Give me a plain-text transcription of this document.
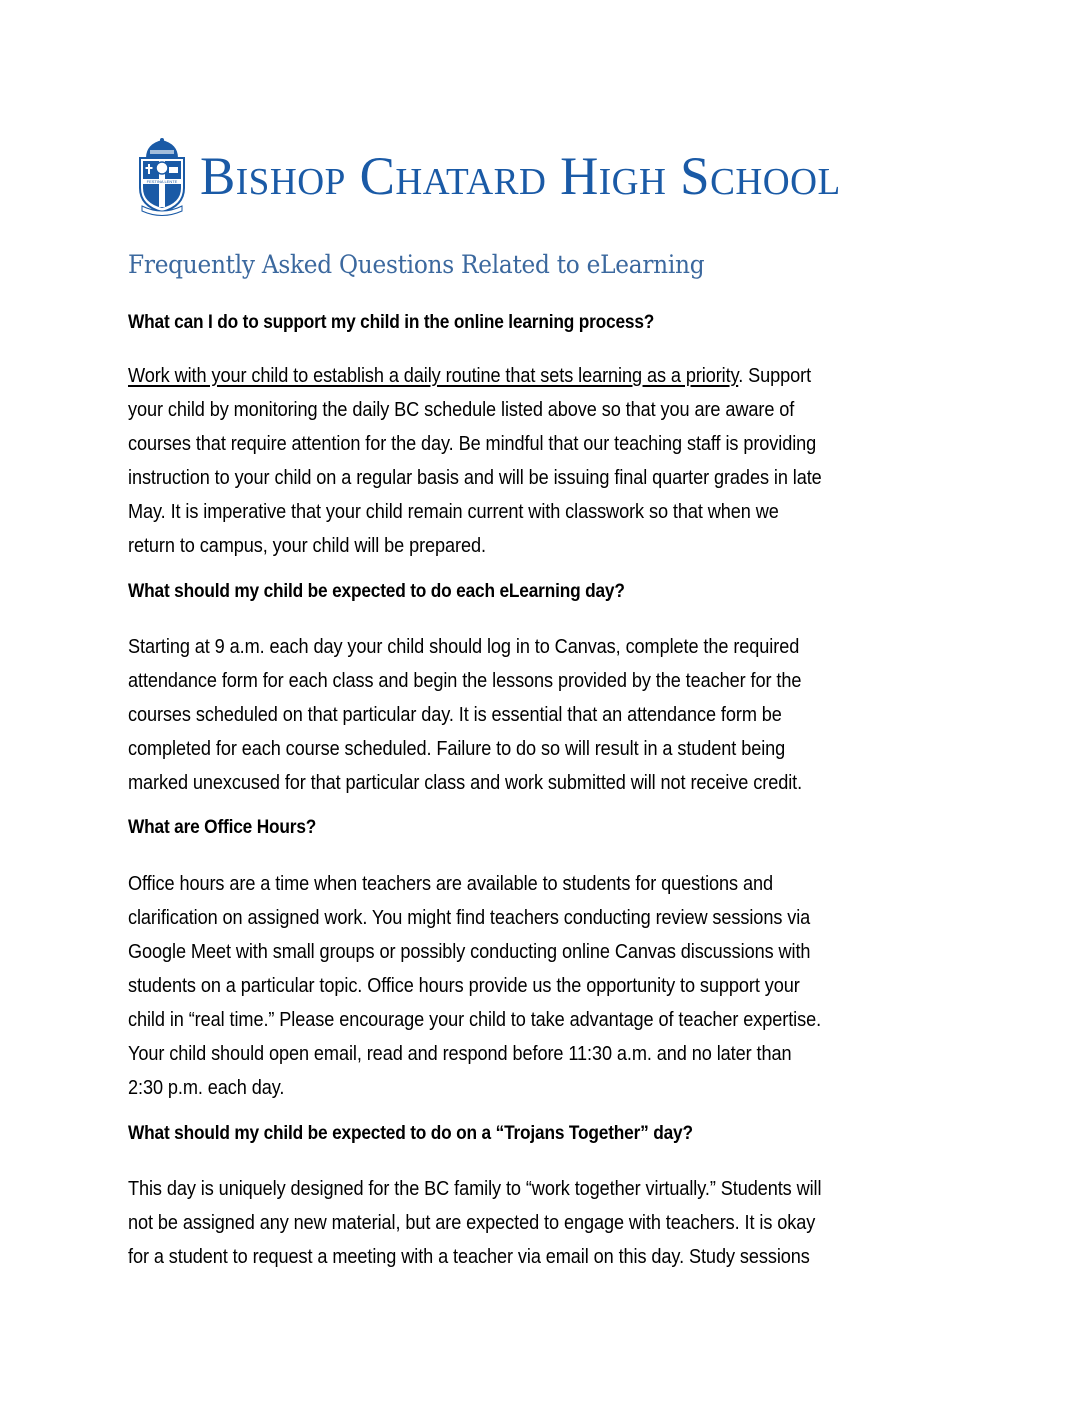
FESTINA LENTE Bishop Chatard High School
Frequently Asked Questions Related to eLearning
What can I do to support my child in the online learning process?
Work with your child to establish a daily routine that sets learning as a priority. Support
your child by monitoring the daily BC schedule listed above so that you are aware of
courses that require attention for the day. Be mindful that our teaching staff is providing
instruction to your child on a regular basis and will be issuing final quarter grades in late
May. It is imperative that your child remain current with classwork so that when we
return to campus, your child will be prepared.
What should my child be expected to do each eLearning day?
Starting at 9 a.m. each day your child should log in to Canvas, complete the required
attendance form for each class and begin the lessons provided by the teacher for the
courses scheduled on that particular day. It is essential that an attendance form be
completed for each course scheduled. Failure to do so will result in a student being
marked unexcused for that particular class and work submitted will not receive credit.
What are Office Hours?
Office hours are a time when teachers are available to students for questions and
clarification on assigned work. You might find teachers conducting review sessions via
Google Meet with small groups or possibly conducting online Canvas discussions with
students on a particular topic. Office hours provide us the opportunity to support your
child in “real time.” Please encourage your child to take advantage of teacher expertise.
Your child should open email, read and respond before 11:30 a.m. and no later than
2:30 p.m. each day.
What should my child be expected to do on a “Trojans Together” day?
This day is uniquely designed for the BC family to “work together virtually.” Students will
not be assigned any new material, but are expected to engage with teachers. It is okay
for a student to request a meeting with a teacher via email on this day. Study sessions
